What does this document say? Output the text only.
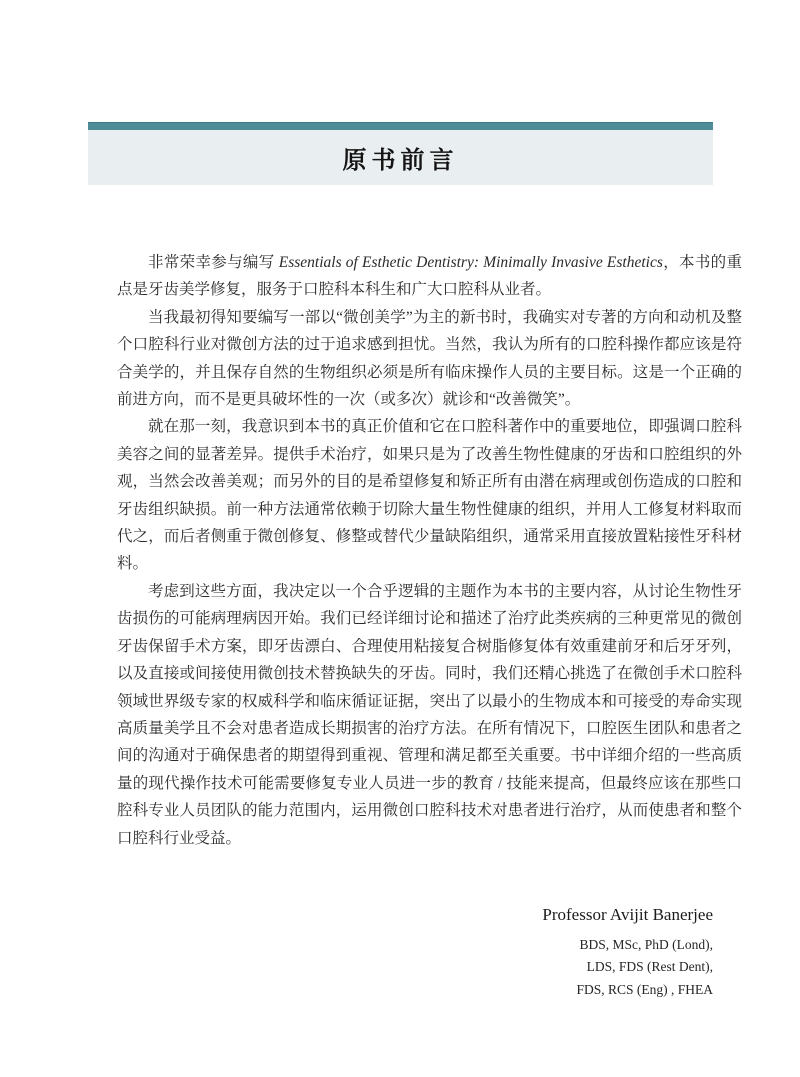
原书前言

非常荣幸参与编写 Essentials of Esthetic Dentistry: Minimally Invasive Esthetics，本书的重点是牙齿美学修复，服务于口腔科本科生和广大口腔科从业者。

当我最初得知要编写一部以“微创美学”为主的新书时，我确实对专著的方向和动机及整个口腔科行业对微创方法的过于追求感到担忧。当然，我认为所有的口腔科操作都应该是符合美学的，并且保存自然的生物组织必须是所有临床操作人员的主要目标。这是一个正确的前进方向，而不是更具破坏性的一次（或多次）就诊和“改善微笑”。

就在那一刻，我意识到本书的真正价值和它在口腔科著作中的重要地位，即强调口腔科美容之间的显著差异。提供手术治疗，如果只是为了改善生物性健康的牙齿和口腔组织的外观，当然会改善美观；而另外的目的是希望修复和矫正所有由潜在病理或创伤造成的口腔和牙齿组织缺损。前一种方法通常依赖于切除大量生物性健康的组织，并用人工修复材料取而代之，而后者侧重于微创修复、修整或替代少量缺陷组织，通常采用直接放置粘接性牙科材料。

考虑到这些方面，我决定以一个合乎逻辑的主题作为本书的主要内容，从讨论生物性牙齿损伤的可能病理病因开始。我们已经详细讨论和描述了治疗此类疾病的三种更常见的微创牙齿保留手术方案，即牙齿漂白、合理使用粘接复合树脂修复体有效重建前牙和后牙牙列，以及直接或间接使用微创技术替换缺失的牙齿。同时，我们还精心挑选了在微创手术口腔科领域世界级专家的权威科学和临床循证证据，突出了以最小的生物成本和可接受的寿命实现高质量美学且不会对患者造成长期损害的治疗方法。在所有情况下，口腔医生团队和患者之间的沟通对于确保患者的期望得到重视、管理和满足都至关重要。书中详细介绍的一些高质量的现代操作技术可能需要修复专业人员进一步的教育 / 技能来提高，但最终应该在那些口腔科专业人员团队的能力范围内，运用微创口腔科技术对患者进行治疗，从而使患者和整个口腔科行业受益。

Professor Avijit Banerjee
BDS, MSc, PhD (Lond),
LDS, FDS (Rest Dent),
FDS, RCS (Eng) , FHEA
